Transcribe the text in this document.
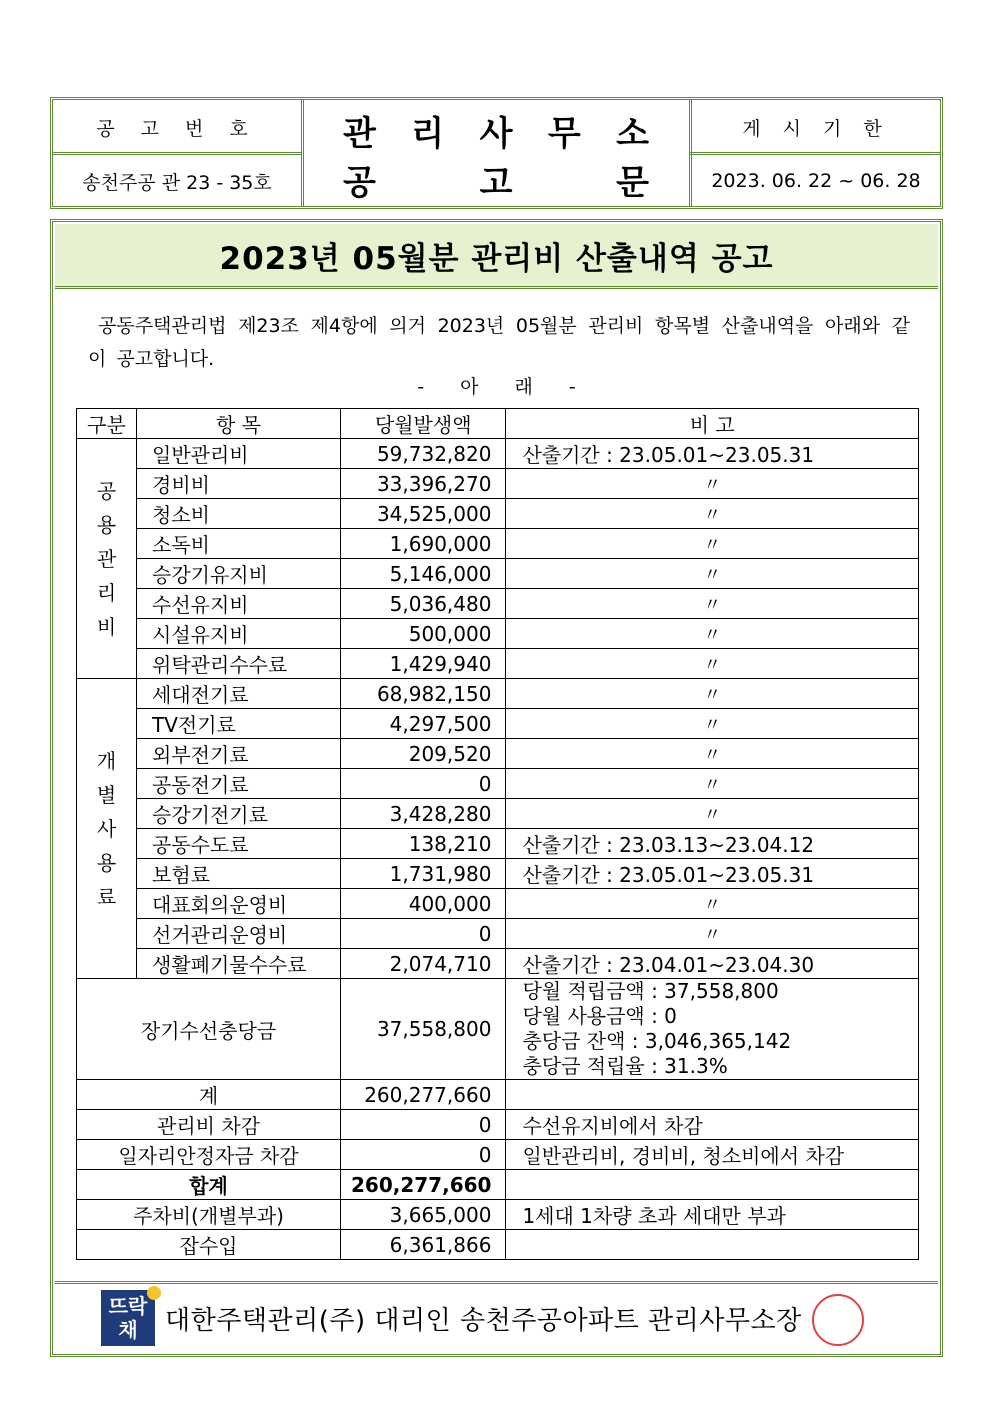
공 고 번 호
송천주공 관 23 - 35호
관 리 사 무 소
공	고	문
게 시 기 한
2023. 06. 22 ~ 06. 28
2023년 05월분 관리비 산출내역 공고
공동주택관리법 제23조 제4항에 의거 2023년 05월분 관리비 항목별 산출내역을 아래와 같이 공고합니다.
- 아 래 -
구분	항 목	당월발생액	비 고

공
용
관
리
비	일반관리비	59,732,820	산출기간 : 23.05.01~23.05.31
	경비비	33,396,270	〃
	청소비	34,525,000	〃
	소독비	1,690,000	〃
	승강기유지비	5,146,000	〃
	수선유지비	5,036,480	〃
	시설유지비	500,000	〃
	위탁관리수수료	1,429,940	〃

개
별
사
용
료	세대전기료	68,982,150	〃
	TV전기료	4,297,500	〃
	외부전기료	209,520	〃
	공동전기료	0	〃
	승강기전기료	3,428,280	〃
	공동수도료	138,210	산출기간 : 23.03.13~23.04.12
	보험료	1,731,980	산출기간 : 23.05.01~23.05.31
	대표회의운영비	400,000	〃
	선거관리운영비	0	〃
	생활폐기물수수료	2,074,710	산출기간 : 23.04.01~23.04.30
장기수선충당금		37,558,800	당월 적립금액 : 37,558,800
당월 사용금액 : 0
충당금 잔액 : 3,046,365,142
충당금 적립율 : 31.3%

계		260,277,660	
관리비 차감		0	수선유지비에서 차감
일자리안정자금 차감		0	일반관리비, 경비비, 청소비에서 차감
합계		260,277,660	
주차비(개별부과)		3,665,000	1세대 1차량 초과 세대만 부과
잡수입		6,361,866	
뜨락
채	대한주택관리(주) 대리인 송천주공아파트 관리사무소장
